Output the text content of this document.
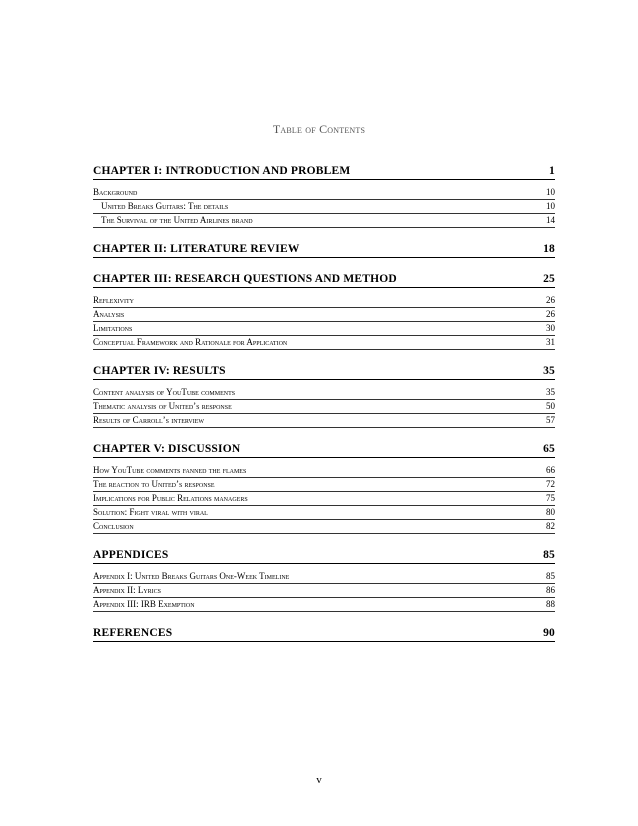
Table of Contents
CHAPTER I: INTRODUCTION AND PROBLEM	1
Background	10
United Breaks Guitars: The details	10
The Survival of the United Airlines brand	14
CHAPTER II: LITERATURE REVIEW	18
CHAPTER III: RESEARCH QUESTIONS AND METHOD	25
Reflexivity	26
Analysis	26
Limitations	30
Conceptual Framework and Rationale for Application	31
CHAPTER IV: RESULTS	35
Content analysis of YouTube comments	35
Thematic analysis of United’s response	50
Results of Carroll’s interview	57
CHAPTER V: DISCUSSION	65
How YouTube comments fanned the flames	66
The reaction to United’s response	72
Implications for Public Relations managers	75
Solution: Fight viral with viral	80
Conclusion	82
APPENDICES	85
Appendix I: United Breaks Guitars One-Week Timeline	85
Appendix II: Lyrics	86
Appendix III: IRB Exemption	88
REFERENCES	90
v
